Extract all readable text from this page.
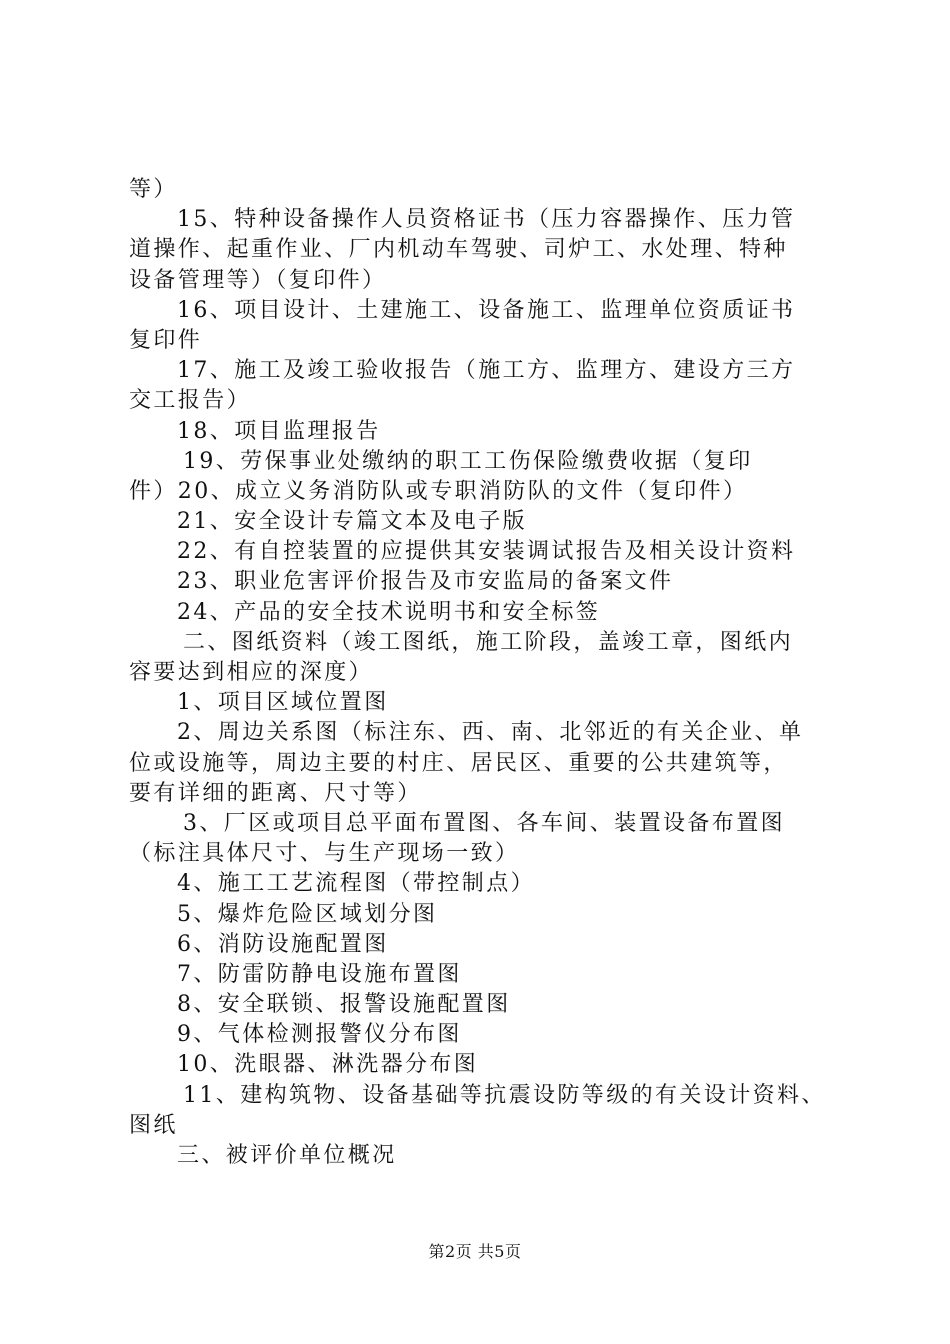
等）
15、特种设备操作人员资格证书（压力容器操作、压力管
道操作、起重作业、厂内机动车驾驶、司炉工、水处理、特种
设备管理等）（复印件）
16、项目设计、土建施工、设备施工、监理单位资质证书
复印件
17、施工及竣工验收报告（施工方、监理方、建设方三方
交工报告）
18、项目监理报告
19、劳保事业处缴纳的职工工伤保险缴费收据（复印
件）20、成立义务消防队或专职消防队的文件（复印件）
21、安全设计专篇文本及电子版
22、有自控装置的应提供其安装调试报告及相关设计资料
23、职业危害评价报告及市安监局的备案文件
24、产品的安全技术说明书和安全标签
二、图纸资料（竣工图纸，施工阶段，盖竣工章，图纸内
容要达到相应的深度）
1、项目区域位置图
2、周边关系图（标注东、西、南、北邻近的有关企业、单
位或设施等，周边主要的村庄、居民区、重要的公共建筑等，
要有详细的距离、尺寸等）
3、厂区或项目总平面布置图、各车间、装置设备布置图
（标注具体尺寸、与生产现场一致）
4、施工工艺流程图（带控制点）
5、爆炸危险区域划分图
6、消防设施配置图
7、防雷防静电设施布置图
8、安全联锁、报警设施配置图
9、气体检测报警仪分布图
10、洗眼器、淋洗器分布图
11、建构筑物、设备基础等抗震设防等级的有关设计资料、
图纸
三、被评价单位概况
第2页 共5页
